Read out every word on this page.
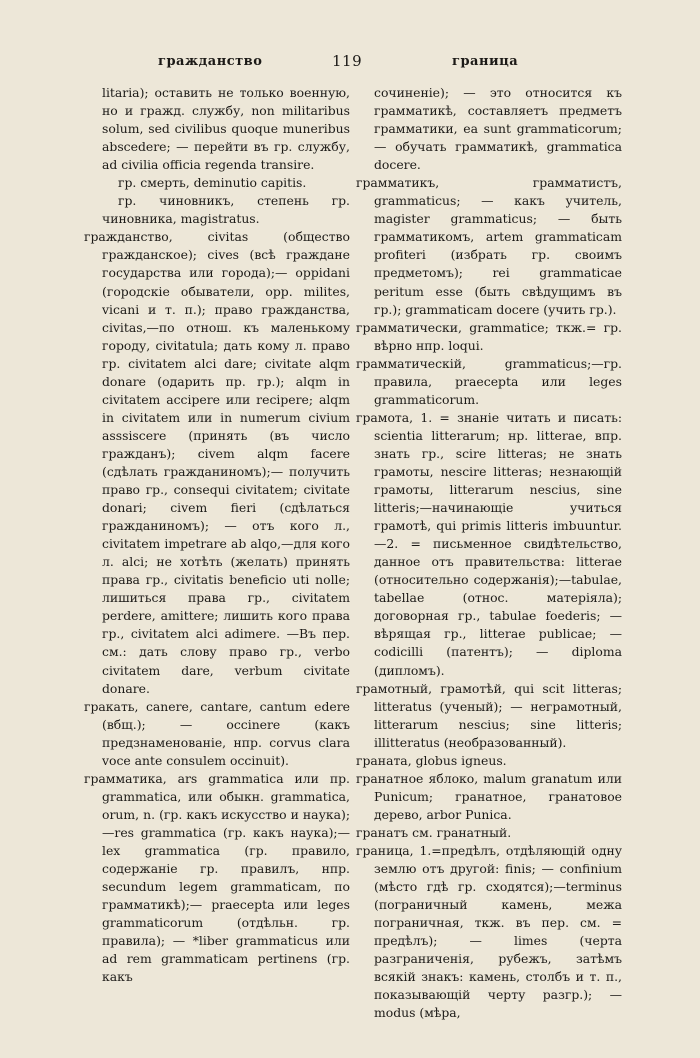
гражданство	119	граница

litaria); оставить не только военную, но и гражд. службу, non militaribus solum, sed civilibus quoque muneribus abscedere; — перейти въ гр. службу, ad civilia officia regenda transire.

гр. смерть, deminutio capitis.

гр. чиновникъ, степень гр. чиновника, magistratus.

гражданство, civitas (общество гражданское); cives (всѣ граждане государства или города);— oppidani (городскіе обыватели, opp. milites, vicani и т. п.); право гражданства, civitas,—по отнош. къ маленькому городу, civitatula; дать кому л. право гр. civitatem alci dare; civitate alqm donare (одарить пр. гр.); alqm in civitatem accipere или recipere; alqm in civitatem или in numerum civium asssiscere (принять (въ число гражданъ); civem alqm facere (сдѣлать гражданиномъ);— получить право гр., consequi civitatem; civitate donari; civem fieri (сдѣлаться гражданиномъ); — отъ кого л., civitatem impetrare ab alqo,—для кого л. alci; не хотѣть (желать) принять права гр., civitatis beneficio uti nolle; лишиться права гр., civitatem perdere, amittere; лишить кого права гр., civitatem alci adimere. —Въ пер. см.: дать слову право гр., verbo civitatem dare, verbum civitate donare.

гракать, canere, cantare, cantum edere (вбщ.); — occinere (какъ предзнаменованіе, нпр. corvus clara voce ante consulem occinuit).

грамматика, ars grammatica или пр. grammatica, или обыкн. grammatica, orum, n. (гр. какъ искусство и наука);—res grammatica (гр. какъ наука);—lex grammatica (гр. правило, содержаніе гр. правилъ, нпр. secundum legem grammaticam, по грамматикѣ);— praecepta или leges grammaticorum (отдѣльн. гр. правила); — *liber grammaticus или ad rem grammaticam pertinens (гр. какъ

сочиненіе); — это относится къ грамматикѣ, составляетъ предметъ грамматики, ea sunt grammaticorum; — обучать грамматикѣ, grammatica docere.

грамматикъ, грамматистъ, grammaticus; — какъ учитель, magister grammaticus; — быть грамматикомъ, artem grammaticam profiteri (избрать гр. своимъ предметомъ); rei grammaticae peritum esse (быть свѣдущимъ въ гр.); grammaticam docere (учить гр.).

грамматически, grammatice; ткж.= гр. вѣрно нпр. loqui.

грамматическій, grammaticus;—гр. правила, praecepta или leges grammaticorum.

грамота, 1. = знаніе читать и писать: scientia litterarum; нр. litterae, впр. знать гр., scire litteras; не знать грамоты, nescire litteras; незнающій грамоты, litterarum nescius, sine litteris;—начинающіе учиться грамотѣ, qui primis litteris imbuuntur. —2. = письменное свидѣтельство, данное отъ правительства: litterae (относительно содержанія);—tabulae, tabellae (относ. матеріяла); договорная гр., tabulae foederis; —вѣрящая гр., litterae publicae; —codicilli (патентъ); — diploma (дипломъ).

грамотный, грамотѣй, qui scit litteras; litteratus (ученый); — неграмотный, litterarum nescius; sine litteris; illitteratus (необразованный).

граната, globus igneus.

гранатное яблоко, malum granatum или Punicum; гранатное, гранатовое дерево, arbor Punica.

гранатъ см. гранатный.

граница, 1.=предѣлъ, отдѣляющій одну землю отъ другой: finis; — confinium (мѣсто гдѣ гр. сходятся);—terminus (пограничный камень, межа пограничная, ткж. въ пер. см. = предѣлъ); — limes (черта разграниченія, рубежъ, затѣмъ всякій знакъ: камень, столбъ и т. п., показывающій черту разгр.); — modus (мѣра,
